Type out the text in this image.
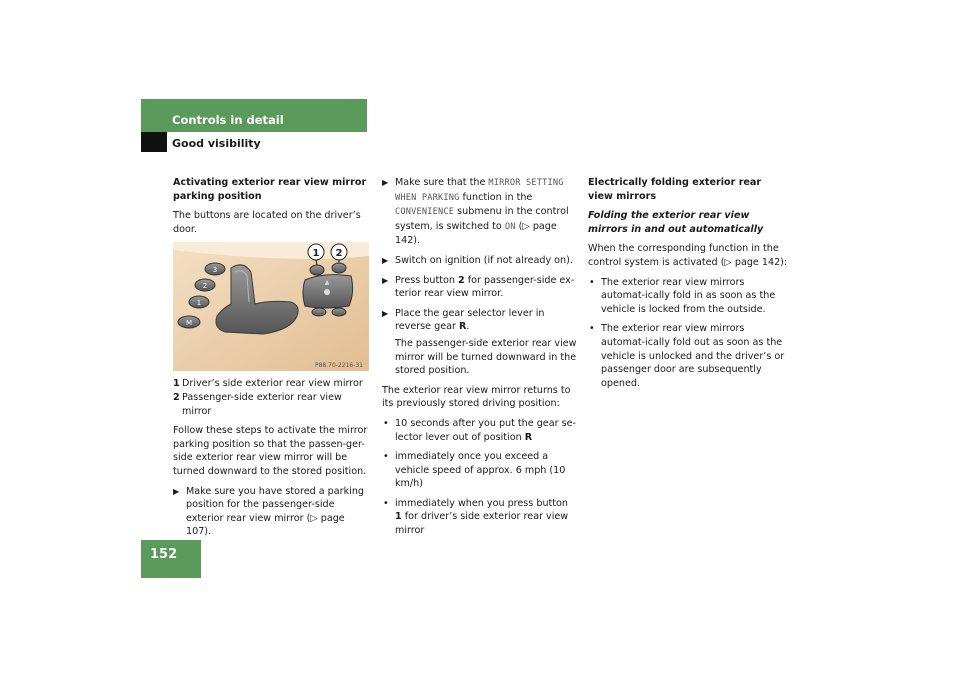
Controls in detail
Good visibility
152

Activating exterior rear view mirror parking position

The buttons are located on the driver’s door.

3
2
1
M
▲
1 2
P88.70-2216-31
1 Driver’s side exterior rear view mirror
2 Passenger-side exterior rear view mirror

Follow these steps to activate the mirror parking position so that the passen-ger-side exterior rear view mirror will be turned downward to the stored position.

▶ Make sure you have stored a parking position for the passenger-side exterior rear view mirror (▷ page 107).
▶ Make sure that the MIRROR SETTING WHEN PARKING function in the CONVENIENCE submenu in the control system, is switched to ON (▷ page 142).
▶ Switch on ignition (if not already on).
▶ Press button 2 for passenger-side ex-terior rear view mirror.
▶ Place the gear selector lever in reverse gear R.

The passenger-side exterior rear view mirror will be turned downward in the stored position.

The exterior rear view mirror returns to its previously stored driving position:

• 10 seconds after you put the gear se-lector lever out of position R
• immediately once you exceed a vehicle speed of approx. 6 mph (10 km/h)
• immediately when you press button 1 for driver’s side exterior rear view mirror

Electrically folding exterior rear view mirrors

Folding the exterior rear view mirrors in and out automatically

When the corresponding function in the control system is activated (▷ page 142):

• The exterior rear view mirrors automat-ically fold in as soon as the vehicle is locked from the outside.
• The exterior rear view mirrors automat-ically fold out as soon as the vehicle is unlocked and the driver’s or passenger door are subsequently opened.
